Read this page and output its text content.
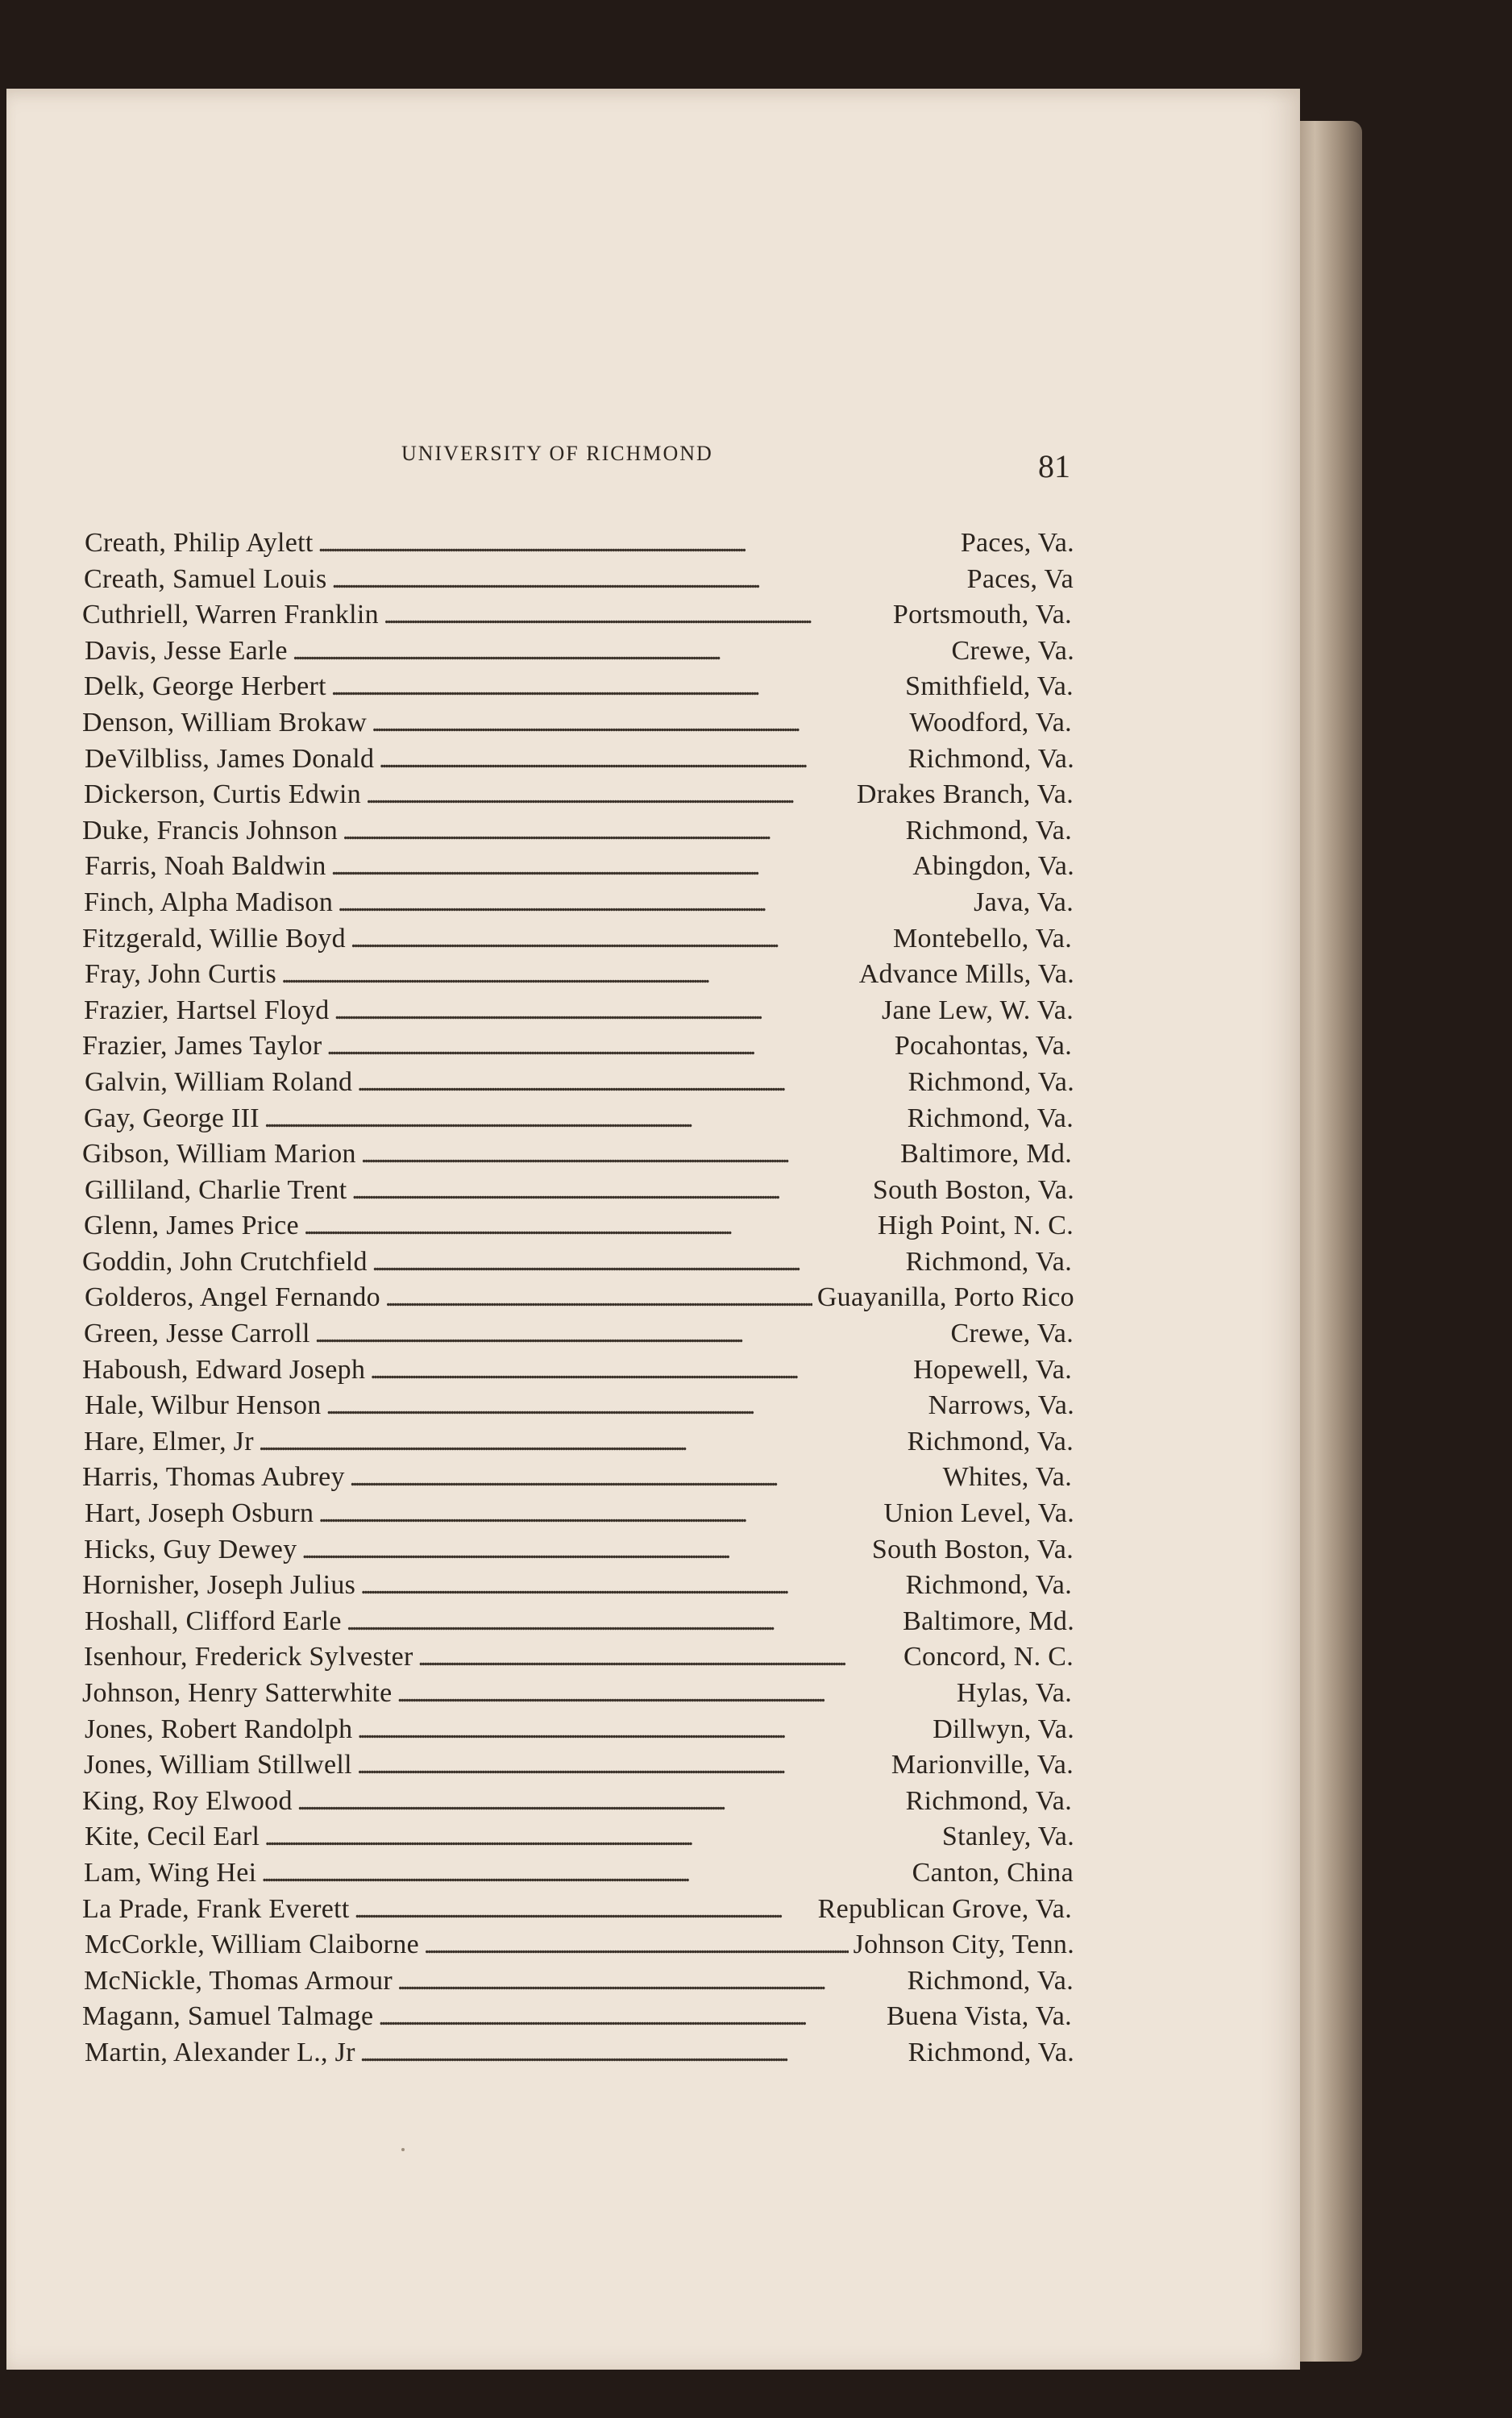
UNIVERSITY OF RICHMOND	81
Creath, Philip Aylett . . .	Paces, Va.
Creath, Samuel Louis . . .	Paces, Va
Cuthriell, Warren Franklin . . .	Portsmouth, Va.
Davis, Jesse Earle . . .	Crewe, Va.
Delk, George Herbert . . .	Smithfield, Va.
Denson, William Brokaw . . .	Woodford, Va.
DeVilbliss, James Donald . . .	Richmond, Va.
Dickerson, Curtis Edwin . . .	Drakes Branch, Va.
Duke, Francis Johnson . . .	Richmond, Va.
Farris, Noah Baldwin . . .	Abingdon, Va.
Finch, Alpha Madison . . .	Java, Va.
Fitzgerald, Willie Boyd . . .	Montebello, Va.
Fray, John Curtis . . .	Advance Mills, Va.
Frazier, Hartsel Floyd . . .	Jane Lew, W. Va.
Frazier, James Taylor . . .	Pocahontas, Va.
Galvin, William Roland . . .	Richmond, Va.
Gay, George III . . .	Richmond, Va.
Gibson, William Marion . . .	Baltimore, Md.
Gilliland, Charlie Trent . . .	South Boston, Va.
Glenn, James Price . . .	High Point, N. C.
Goddin, John Crutchfield . . .	Richmond, Va.
Golderos, Angel Fernando . . .	Guayanilla, Porto Rico
Green, Jesse Carroll . . .	Crewe, Va.
Haboush, Edward Joseph . . .	Hopewell, Va.
Hale, Wilbur Henson . . .	Narrows, Va.
Hare, Elmer, Jr . . .	Richmond, Va.
Harris, Thomas Aubrey . . .	Whites, Va.
Hart, Joseph Osburn . . .	Union Level, Va.
Hicks, Guy Dewey . . .	South Boston, Va.
Hornisher, Joseph Julius . . .	Richmond, Va.
Hoshall, Clifford Earle . . .	Baltimore, Md.
Isenhour, Frederick Sylvester . . .	Concord, N. C.
Johnson, Henry Satterwhite . . .	Hylas, Va.
Jones, Robert Randolph . . .	Dillwyn, Va.
Jones, William Stillwell . . .	Marionville, Va.
King, Roy Elwood . . .	Richmond, Va.
Kite, Cecil Earl . . .	Stanley, Va.
Lam, Wing Hei . . .	Canton, China
La Prade, Frank Everett . . .	Republican Grove, Va.
McCorkle, William Claiborne . . .	Johnson City, Tenn.
McNickle, Thomas Armour . . .	Richmond, Va.
Magann, Samuel Talmage . . .	Buena Vista, Va.
Martin, Alexander L., Jr . . .	Richmond, Va.
